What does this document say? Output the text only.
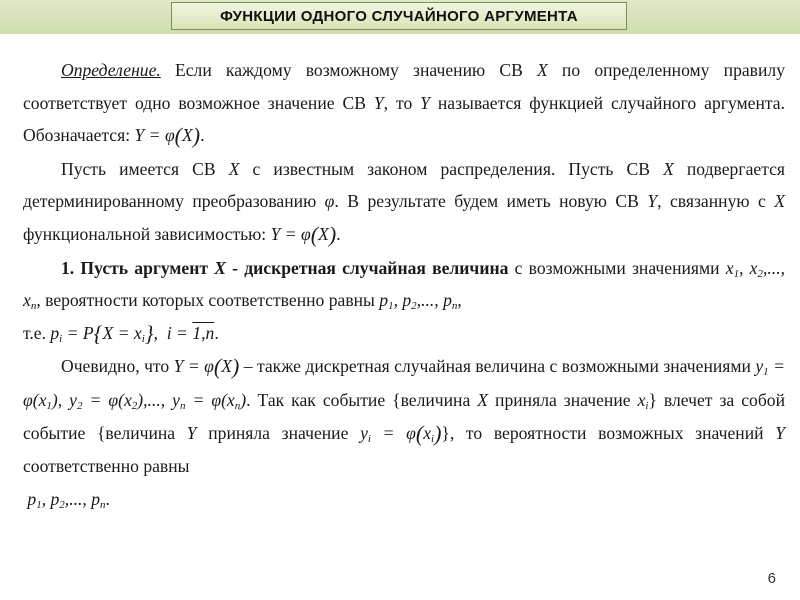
ФУНКЦИИ ОДНОГО СЛУЧАЙНОГО АРГУМЕНТА

Определение. Если каждому возможному значению СВ X по определенному правилу соответствует одно возможное значение СВ Y, то Y называется функцией случайного аргумента. Обозначается: Y = φ(X).

Пусть имеется СВ X с известным законом распределения. Пусть СВ X подвергается детерминированному преобразованию φ. В результате будем иметь новую СВ Y, связанную с X функциональной зависимостью: Y = φ(X).

1. Пусть аргумент X - дискретная случайная величина с возможными значениями $x_1$, $x_2$,..., $x_n$, вероятности которых соответственно равны $p_1$, $p_2$,..., $p_n$,
т.е. $p_i = P\{X = x_i\}$,  i = 1,n.

Очевидно, что Y = φ(X) – также дискретная случайная величина с возможными значениями $y_1 = \varphi(x_1)$, $y_2 = \varphi(x_2)$,..., $y_n = \varphi(x_n)$. Так как событие {величина X приняла значение $x_i$} влечет за собой событие {величина Y приняла значение $y_i = \varphi(x_i)$}, то вероятности возможных значений Y соответственно равны
$p_1$, $p_2$,..., $p_n$.

6
